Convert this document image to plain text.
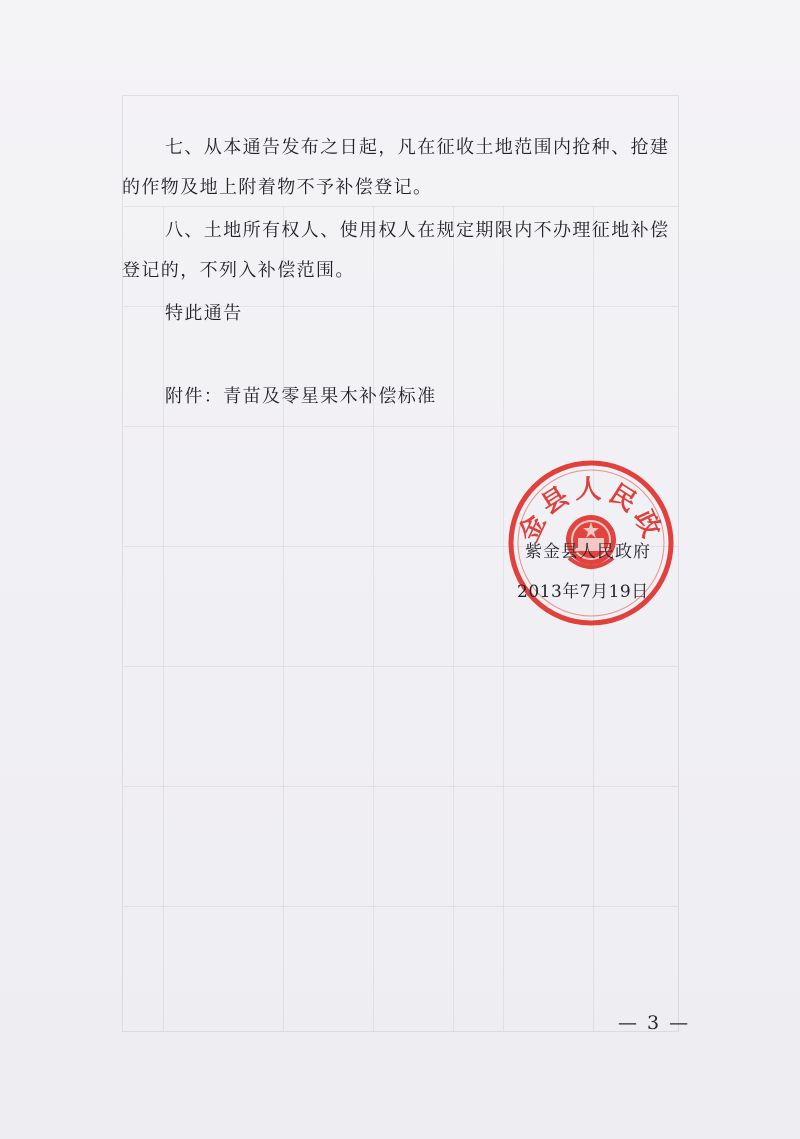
七、从本通告发布之日起，凡在征收土地范围内抢种、抢建
的作物及地上附着物不予补偿登记。
八、土地所有权人、使用权人在规定期限内不办理征地补偿
登记的，不列入补偿范围。
特此通告
附件：青苗及零星果木补偿标准
金县人民政
紫金县人民政府
2013年7月19日
— 3 —
